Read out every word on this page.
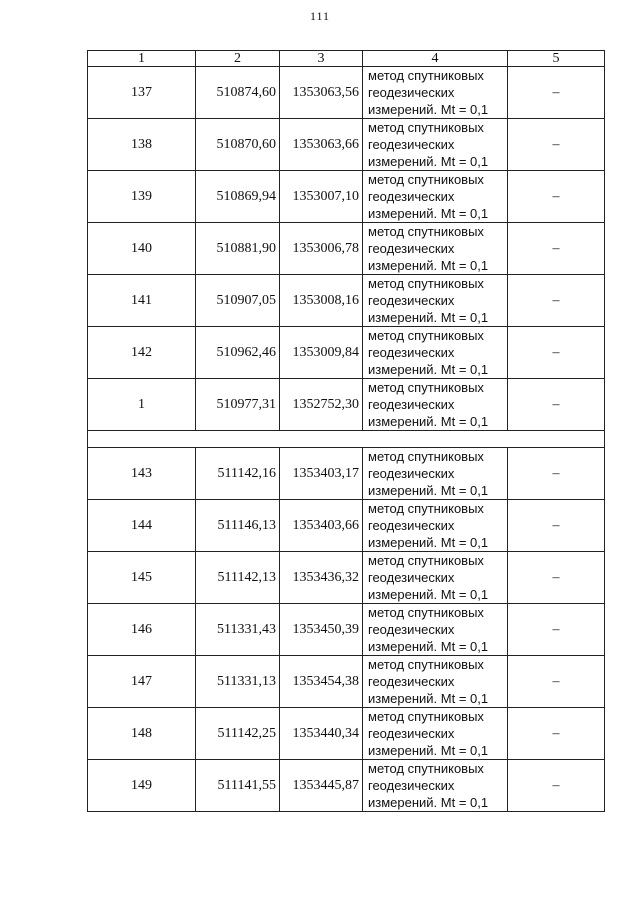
111
1	2	3	4	5
137	510874,60	1353063,56	метод спутниковых
геодезических
измерений. Mt = 0,1	–
138	510870,60	1353063,66	метод спутниковых
геодезических
измерений. Mt = 0,1	–
139	510869,94	1353007,10	метод спутниковых
геодезических
измерений. Mt = 0,1	–
140	510881,90	1353006,78	метод спутниковых
геодезических
измерений. Mt = 0,1	–
141	510907,05	1353008,16	метод спутниковых
геодезических
измерений. Mt = 0,1	–
142	510962,46	1353009,84	метод спутниковых
геодезических
измерений. Mt = 0,1	–
1	510977,31	1352752,30	метод спутниковых
геодезических
измерений. Mt = 0,1	–

143	511142,16	1353403,17	метод спутниковых
геодезических
измерений. Mt = 0,1	–
144	511146,13	1353403,66	метод спутниковых
геодезических
измерений. Mt = 0,1	–
145	511142,13	1353436,32	метод спутниковых
геодезических
измерений. Mt = 0,1	–
146	511331,43	1353450,39	метод спутниковых
геодезических
измерений. Mt = 0,1	–
147	511331,13	1353454,38	метод спутниковых
геодезических
измерений. Mt = 0,1	–
148	511142,25	1353440,34	метод спутниковых
геодезических
измерений. Mt = 0,1	–
149	511141,55	1353445,87	метод спутниковых
геодезических
измерений. Mt = 0,1	–
